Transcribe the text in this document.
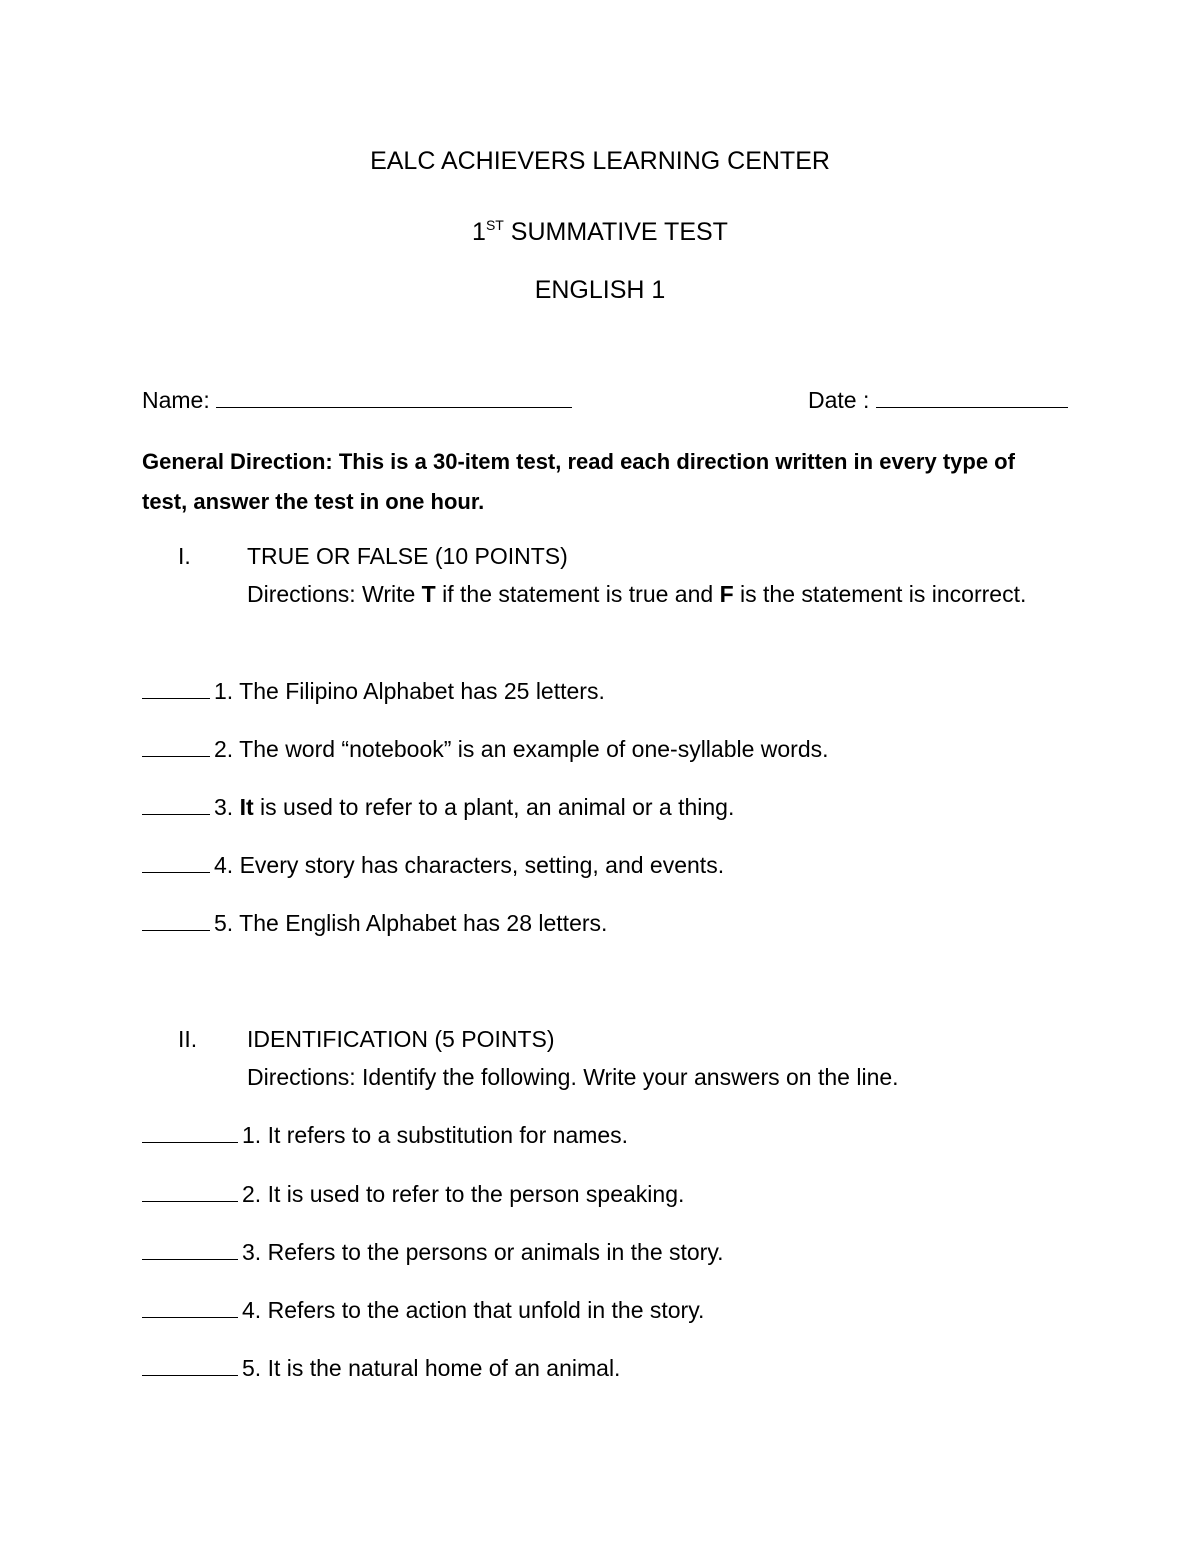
EALC ACHIEVERS LEARNING CENTER
1ST SUMMATIVE TEST
ENGLISH 1
Name:	Date :
General Direction: This is a 30-item test, read each direction written in every type of test, answer the test in one hour.
I. TRUE OR FALSE (10 POINTS)
Directions: Write T if the statement is true and F is the statement is incorrect.
1. The Filipino Alphabet has 25 letters.
2. The word “notebook” is an example of one-syllable words.
3. It is used to refer to a plant, an animal or a thing.
4. Every story has characters, setting, and events.
5. The English Alphabet has 28 letters.
II. IDENTIFICATION (5 POINTS)
Directions: Identify the following. Write your answers on the line.
1. It refers to a substitution for names.
2. It is used to refer to the person speaking.
3. Refers to the persons or animals in the story.
4. Refers to the action that unfold in the story.
5. It is the natural home of an animal.
